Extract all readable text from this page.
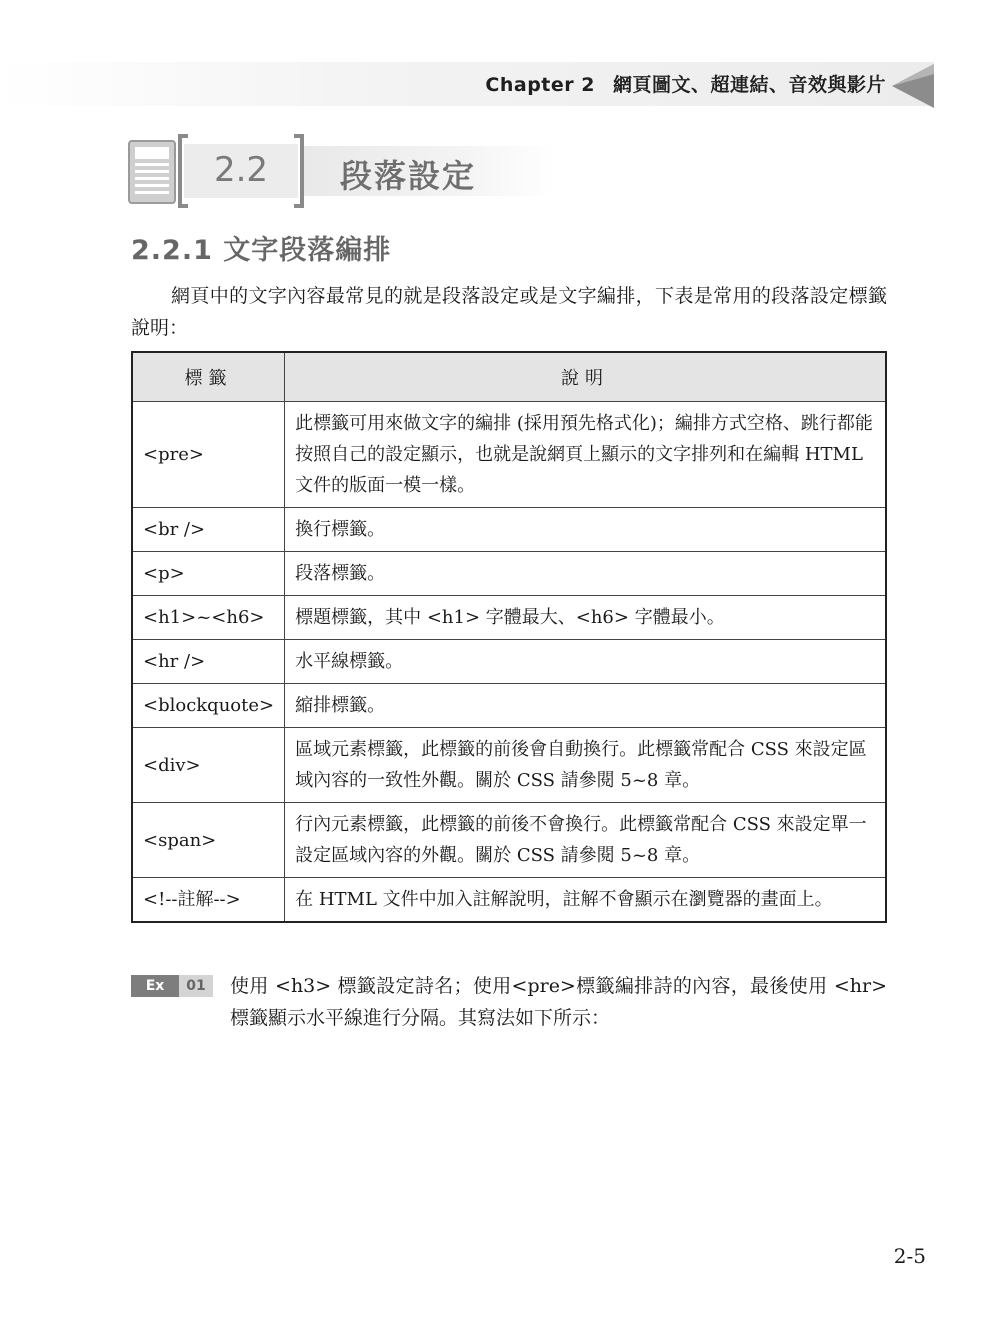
Chapter 2 網頁圖文、超連結、音效與影片
2.2	段落設定
2.2.1 文字段落編排
網頁中的文字內容最常見的就是段落設定或是文字編排，下表是常用的段落設定標籤說明：
標籤	說明
<pre>	此標籤可用來做文字的編排 (採用預先格式化)；編排方式空格、跳行都能按照自己的設定顯示，也就是說網頁上顯示的文字排列和在編輯 HTML 文件的版面一模一樣。
<br />	換行標籤。
<p>	段落標籤。
<h1>~<h6>	標題標籤，其中 <h1> 字體最大、<h6> 字體最小。
<hr />	水平線標籤。
<blockquote>	縮排標籤。
<div>	區域元素標籤，此標籤的前後會自動換行。此標籤常配合 CSS 來設定區域內容的一致性外觀。關於 CSS 請參閱 5~8 章。
<span>	行內元素標籤，此標籤的前後不會換行。此標籤常配合 CSS 來設定單一設定區域內容的外觀。關於 CSS 請參閱 5~8 章。
<!--註解-->	在 HTML 文件中加入註解說明，註解不會顯示在瀏覽器的畫面上。
Ex	01	使用 <h3> 標籤設定詩名；使用<pre>標籤編排詩的內容，最後使用 <hr> 標籤顯示水平線進行分隔。其寫法如下所示：
2-5
